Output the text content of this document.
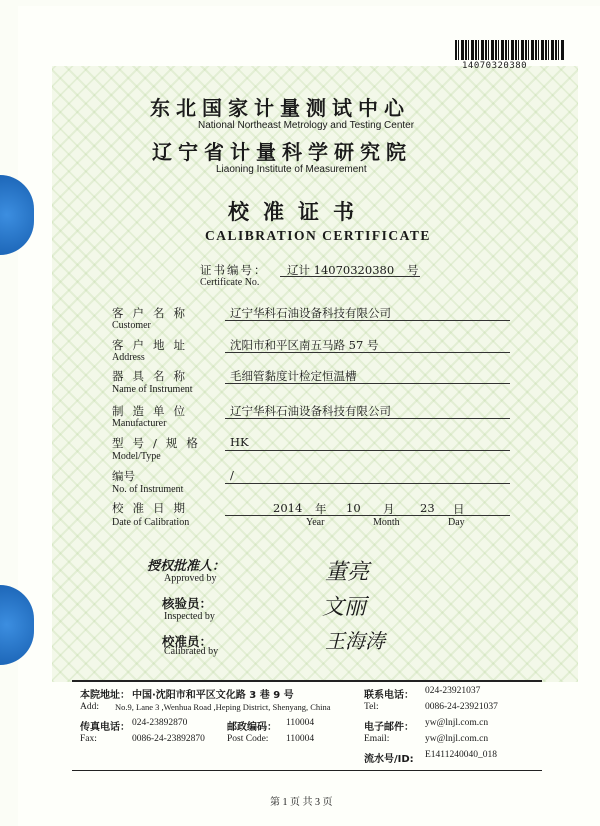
14070320380
东北国家计量测试中心
National Northeast Metrology and Testing Center
辽宁省计量科学研究院
Liaoning Institute of Measurement
校准证书
CALIBRATION CERTIFICATE
证书编号： 辽计 14070320380 号
Certificate No.
客户名称	辽宁华科石油设备科技有限公司
Customer
客户地址	沈阳市和平区南五马路 57 号
Address
器具名称	毛细管黏度计检定恒温槽
Name of Instrument
制造单位	辽宁华科石油设备科技有限公司
Manufacturer
型号/规格 HK
Model/Type
编号	/
No. of Instrument
校准日期	2014 年 10 月 23 日
Date of Calibration	Year	Month	Day
授权批准人：
Approved by	董亮
核验员：
Inspected by	文丽
校准员：
Calibrated by	王海涛
本院地址： 中国·沈阳市和平区文化路 3 巷 9 号	联系电话： 024-23921037
Add: No.9, Lane 3 ,Wenhua Road ,Heping District, Shenyang, China	Tel:	0086-24-23921037
传真电话： 024-23892870	邮政编码： 110004	电子邮件： yw@lnjl.com.cn
Fax:	0086-24-23892870 Post Code: 110004	Email:	yw@lnjl.com.cn
流水号/ID: E1411240040_018
第 1 页 共 3 页
